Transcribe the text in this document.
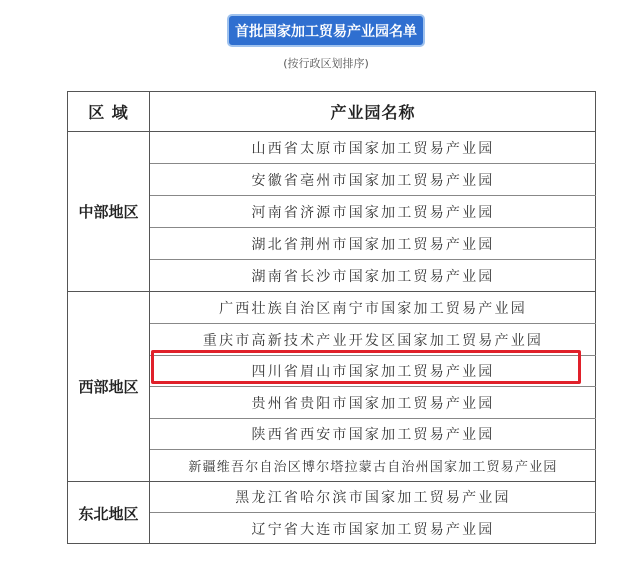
首批国家加工贸易产业园名单
(按行政区划排序)
区 域
中部地区
西部地区
东北地区
产业园名称
山西省太原市国家加工贸易产业园
安徽省亳州市国家加工贸易产业园
河南省济源市国家加工贸易产业园
湖北省荆州市国家加工贸易产业园
湖南省长沙市国家加工贸易产业园
广西壮族自治区南宁市国家加工贸易产业园
重庆市高新技术产业开发区国家加工贸易产业园
四川省眉山市国家加工贸易产业园
贵州省贵阳市国家加工贸易产业园
陕西省西安市国家加工贸易产业园
新疆维吾尔自治区博尔塔拉蒙古自治州国家加工贸易产业园
黑龙江省哈尔滨市国家加工贸易产业园
辽宁省大连市国家加工贸易产业园
